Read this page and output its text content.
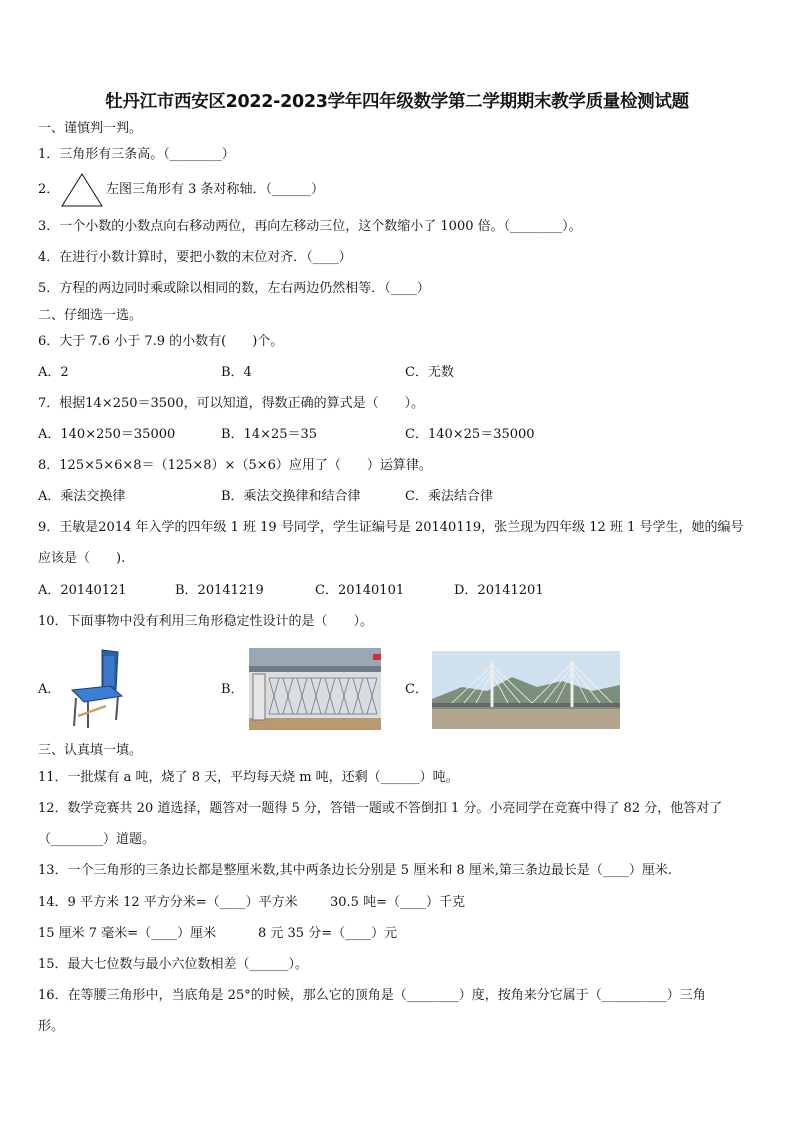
牡丹江市西安区2022-2023学年四年级数学第二学期期末教学质量检测试题
一、谨慎判一判。
1．三角形有三条高。（________）
2．	左图三角形有 3 条对称轴．（______）
3．一个小数的小数点向右移动两位，再向左移动三位，这个数缩小了 1000 倍。（________）。
4．在进行小数计算时，要把小数的末位对齐．（____）
5．方程的两边同时乘或除以相同的数，左右两边仍然相等．（____）
二、仔细选一选。
6．大于 7.6 小于 7.9 的小数有(　　)个。
A．2	B．4	C．无数
7．根据14×250＝3500，可以知道，得数正确的算式是（　　）。
A．140×250＝35000	B．14×25＝35	C．140×25＝35000
8．125×5×6×8＝（125×8）×（5×6）应用了（　　）运算律。
A．乘法交换律	B．乘法交换律和结合律	C．乘法结合律
9．王敏是2014 年入学的四年级 1 班 19 号同学，学生证编号是 20140119，张兰现为四年级 12 班 1 号学生，她的编号
应该是（　　).
A．20140121	B．20141219	C．20140101	D．20141201
10．下面事物中没有利用三角形稳定性设计的是（　　）。
A．	B．	C．
三、认真填一填。
11．一批煤有 a 吨，烧了 8 天，平均每天烧 m 吨，还剩（______）吨。
12．数学竞赛共 20 道选择，题答对一题得 5 分，答错一题或不答倒扣 1 分。小亮同学在竞赛中得了 82 分，他答对了
（________）道题。
13．一个三角形的三条边长都是整厘米数,其中两条边长分别是 5 厘米和 8 厘米,第三条边最长是（____）厘米.
14．9 平方米 12 平方分米=（____）平方米 30.5 吨=（____）千克
15 厘米 7 毫米=（____）厘米	8 元 35 分=（____）元
15．最大七位数与最小六位数相差（______）。
16．在等腰三角形中，当底角是 25°的时候，那么它的顶角是（________）度，按角来分它属于（__________）三角
形。
